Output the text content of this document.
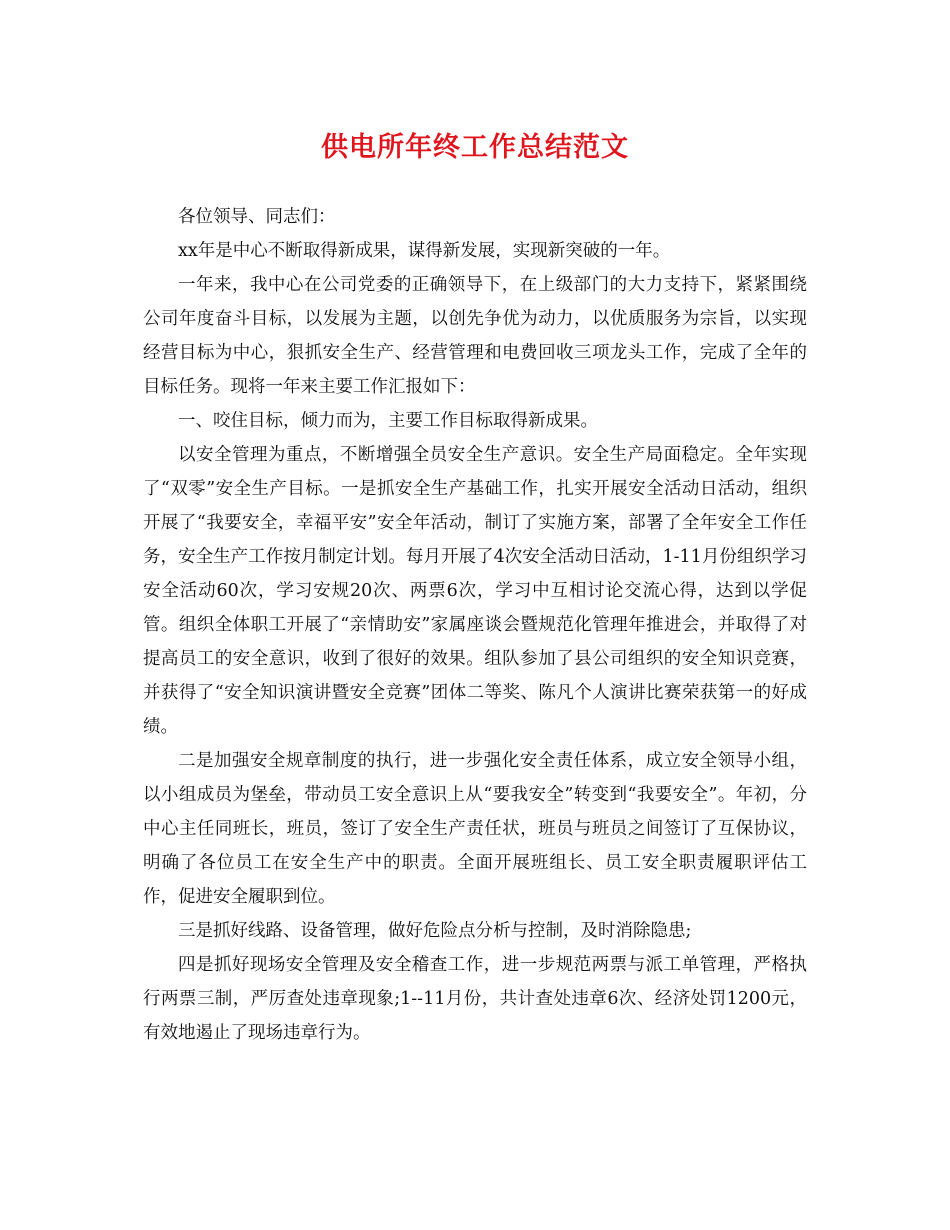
供电所年终工作总结范文

各位领导、同志们：

xx年是中心不断取得新成果，谋得新发展，实现新突破的一年。

一年来，我中心在公司党委的正确领导下，在上级部门的大力支持下，紧紧围绕公司年度奋斗目标，以发展为主题，以创先争优为动力，以优质服务为宗旨，以实现经营目标为中心，狠抓安全生产、经营管理和电费回收三项龙头工作，完成了全年的目标任务。现将一年来主要工作汇报如下：

一、咬住目标，倾力而为，主要工作目标取得新成果。

以安全管理为重点，不断增强全员安全生产意识。安全生产局面稳定。全年实现了“双零”安全生产目标。一是抓安全生产基础工作，扎实开展安全活动日活动，组织开展了“我要安全，幸福平安”安全年活动，制订了实施方案，部署了全年安全工作任务，安全生产工作按月制定计划。每月开展了4次安全活动日活动，1-11月份组织学习安全活动60次，学习安规20次、两票6次，学习中互相讨论交流心得，达到以学促管。组织全体职工开展了“亲情助安”家属座谈会暨规范化管理年推进会，并取得了对提高员工的安全意识，收到了很好的效果。组队参加了县公司组织的安全知识竞赛，并获得了“安全知识演讲暨安全竞赛”团体二等奖、陈凡个人演讲比赛荣获第一的好成绩。

二是加强安全规章制度的执行，进一步强化安全责任体系，成立安全领导小组，以小组成员为堡垒，带动员工安全意识上从“要我安全”转变到“我要安全”。年初，分中心主任同班长，班员，签订了安全生产责任状，班员与班员之间签订了互保协议，明确了各位员工在安全生产中的职责。全面开展班组长、员工安全职责履职评估工作，促进安全履职到位。

三是抓好线路、设备管理，做好危险点分析与控制，及时消除隐患;

四是抓好现场安全管理及安全稽查工作，进一步规范两票与派工单管理，严格执行两票三制，严厉查处违章现象;1--11月份，共计查处违章6次、经济处罚1200元，有效地遏止了现场违章行为。
